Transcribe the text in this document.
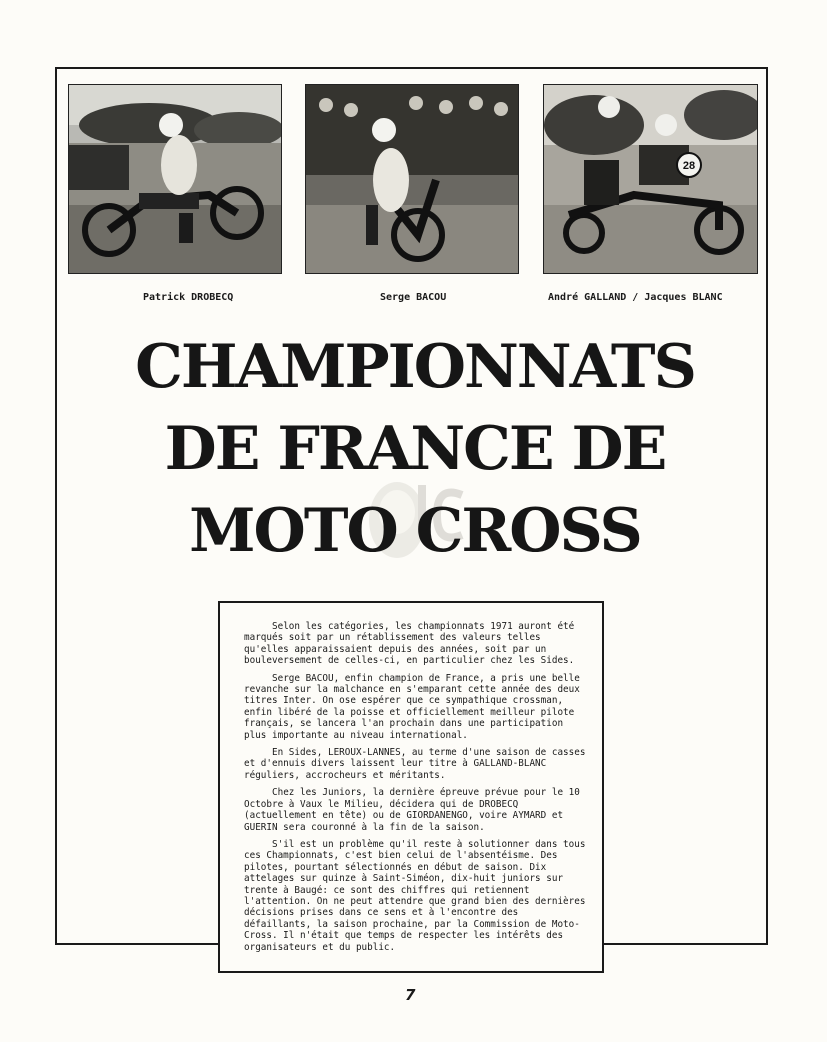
28
Patrick DROBECQ	Serge BACOU	André GALLAND / Jacques BLANC
CHAMPIONNATS
DE FRANCE DE
MOTO CROSS

Selon les catégories, les championnats 1971 auront été marqués soit par un rétablissement des valeurs telles qu'elles apparaissaient depuis des années, soit par un bouleversement de celles-ci, en particulier chez les Sides.

Serge BACOU, enfin champion de France, a pris une belle revanche sur la malchance en s'emparant cette année des deux titres Inter. On ose espérer que ce sympathique crossman, enfin libéré de la poisse et officiellement meilleur pilote français, se lancera l'an prochain dans une participation plus importante au niveau international.

En Sides, LEROUX-LANNES, au terme d'une saison de casses et d'ennuis divers laissent leur titre à GALLAND-BLANC réguliers, accrocheurs et méritants.

Chez les Juniors, la dernière épreuve prévue pour le 10 Octobre à Vaux le Milieu, décidera qui de DROBECQ (actuellement en tête) ou de GIORDANENGO, voire AYMARD et GUERIN sera couronné à la fin de la saison.

S'il est un problème qu'il reste à solutionner dans tous ces Championnats, c'est bien celui de l'absentéisme. Des pilotes, pourtant sélectionnés en début de saison. Dix attelages sur quinze à Saint-Siméon, dix-huit juniors sur trente à Baugé: ce sont des chiffres qui retiennent l'attention. On ne peut attendre que grand bien des dernières décisions prises dans ce sens et à l'encontre des défaillants, la saison prochaine, par la Commission de Moto-Cross. Il n'était que temps de respecter les intérêts des organisateurs et du public.

7
